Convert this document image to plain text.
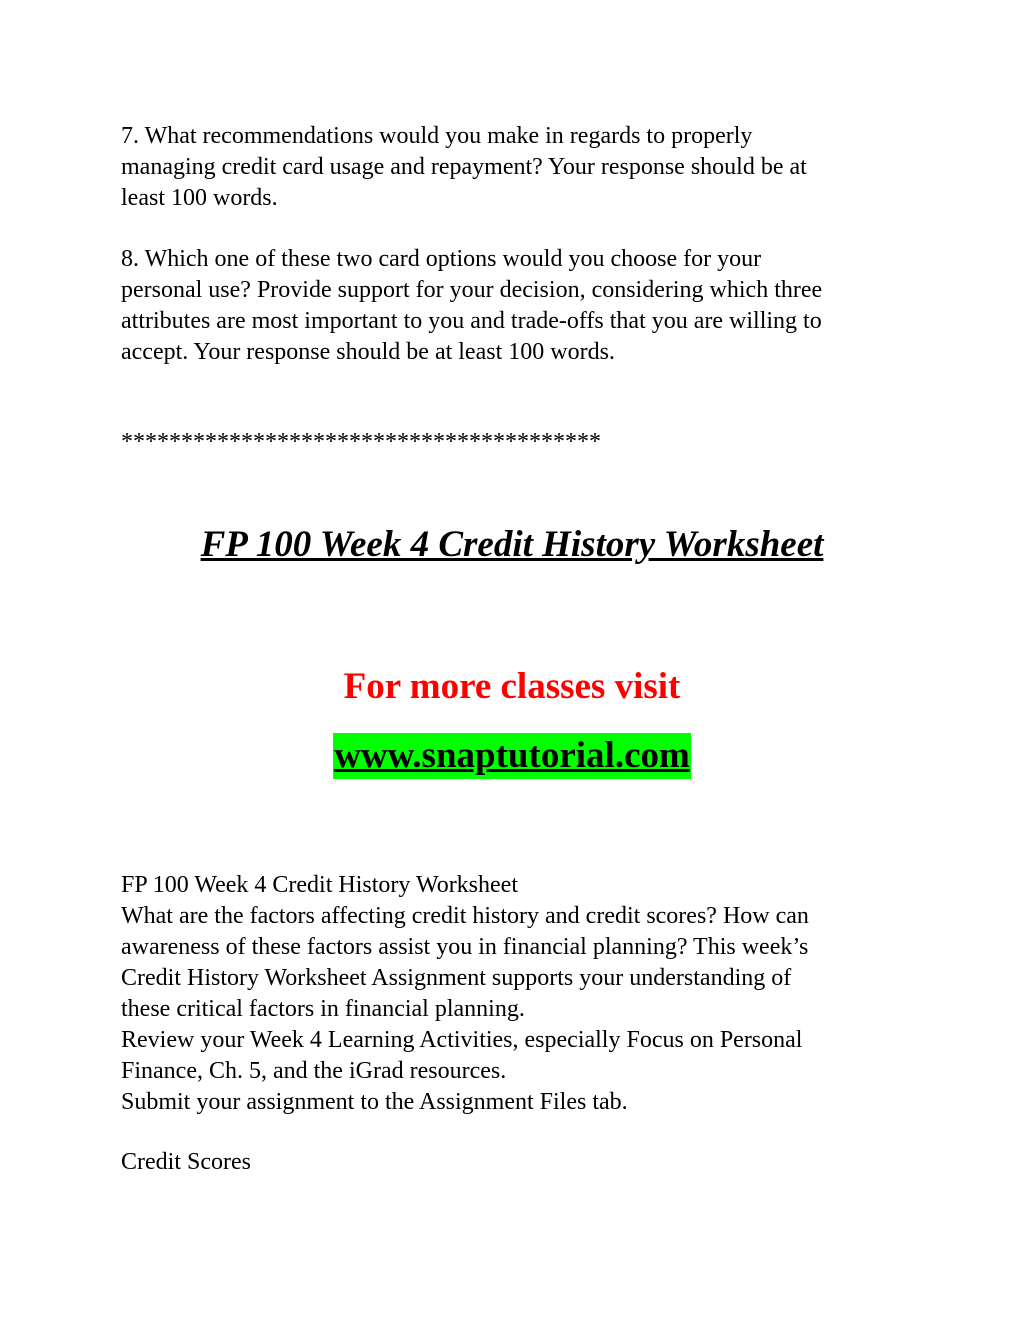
7. What recommendations would you make in regards to properly
managing credit card usage and repayment? Your response should be at
least 100 words.

8. Which one of these two card options would you choose for your
personal use? Provide support for your decision, considering which three
attributes are most important to you and trade-offs that you are willing to
accept. Your response should be at least 100 words.

****************************************

FP 100 Week 4 Credit History Worksheet

For more classes visit

www.snaptutorial.com

FP 100 Week 4 Credit History Worksheet
What are the factors affecting credit history and credit scores? How can
awareness of these factors assist you in financial planning? This week’s
Credit History Worksheet Assignment supports your understanding of
these critical factors in financial planning.
Review your Week 4 Learning Activities, especially Focus on Personal
Finance, Ch. 5, and the iGrad resources.
Submit your assignment to the Assignment Files tab.

Credit Scores
